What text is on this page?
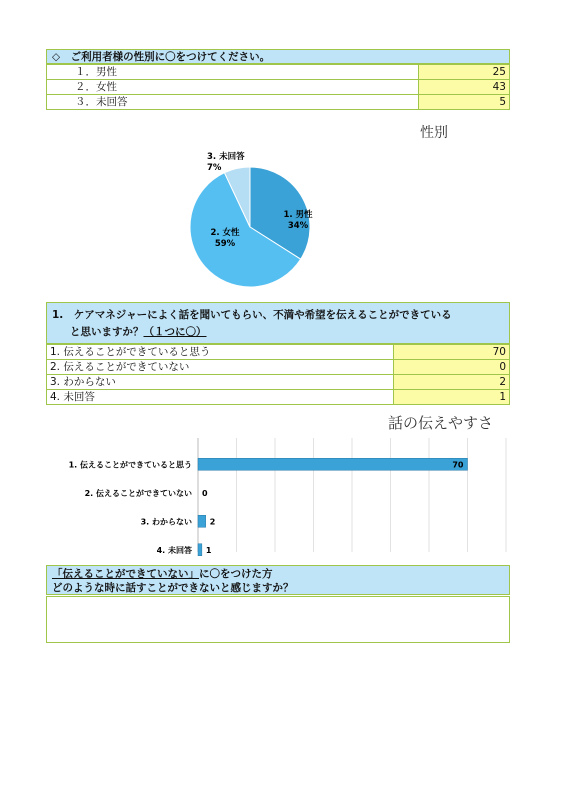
◇　ご利用者様の性別に〇をつけてください。
１．男性	25
２．女性	43
３．未回答	5
性別
1. 男性
34%
2. 女性
59%
3. 未回答
7%
1.　ケアマネジャーによく話を聞いてもらい、不満や希望を伝えることができている
と思いますか？（１つに〇）
1. 伝えることができていると思う	70
2. 伝えることができていない	0
3. わからない	2
4. 未回答	1
話の伝えやすさ
1. 伝えることができていると思う
2. 伝えることができていない
3. わからない
4. 未回答
70
0
2
1
「伝えることができていない」に〇をつけた方
どのような時に話すことができないと感じますか？
